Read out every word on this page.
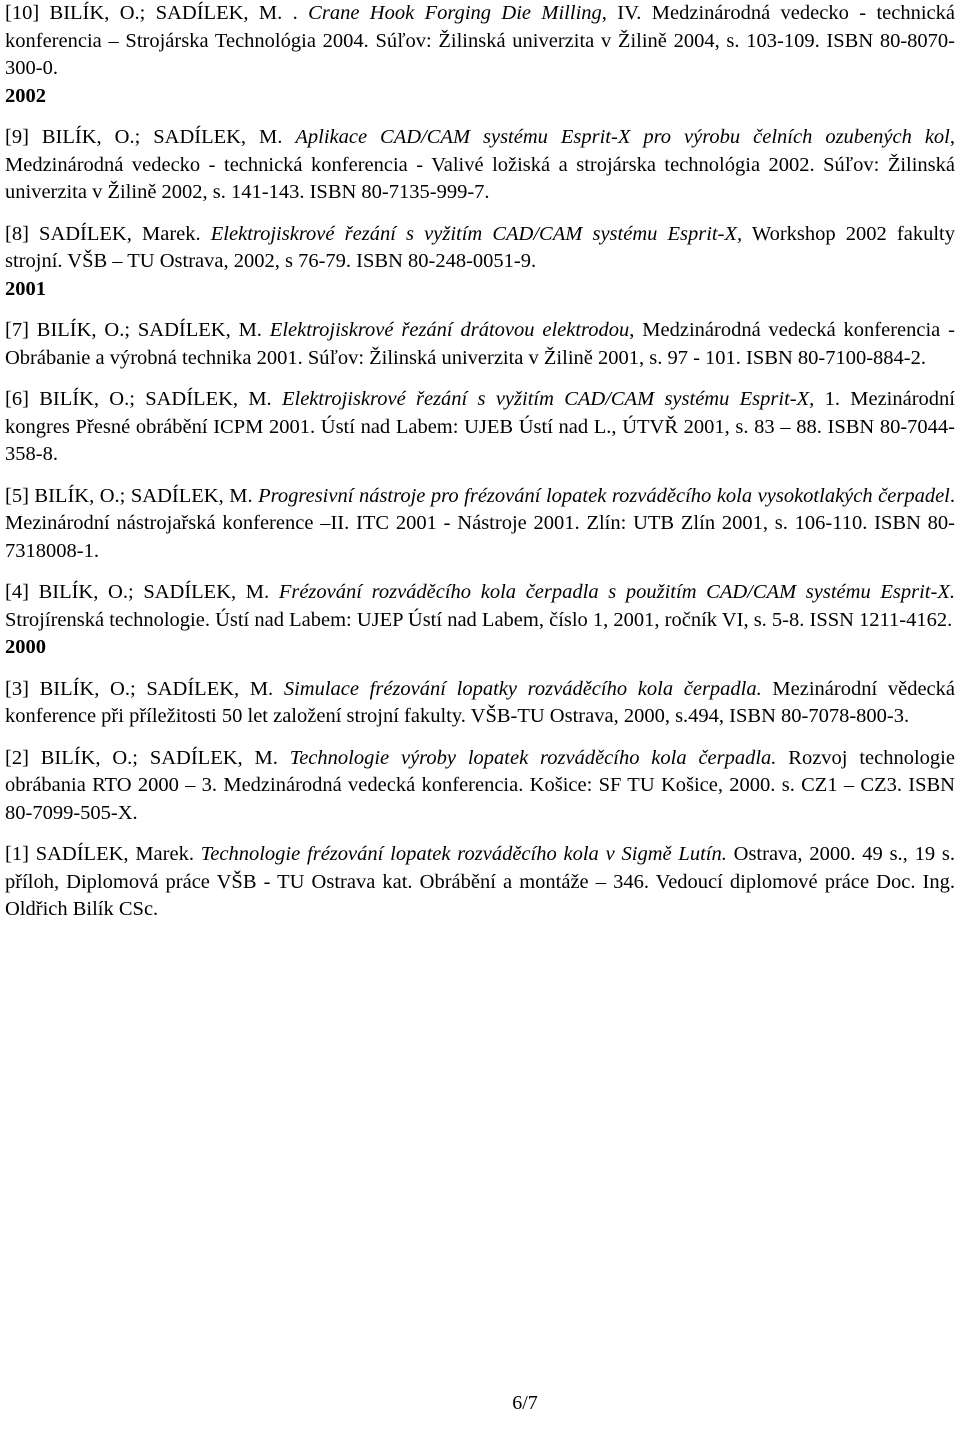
[10] BILÍK, O.; SADÍLEK, M. . Crane Hook Forging Die Milling, IV. Medzinárodná vedecko - technická konferencia – Strojárska Technológia 2004. Súľov: Žilinská univerzita v Žilině 2004, s. 103-109. ISBN 80-8070-300-0.

2002

[9] BILÍK, O.; SADÍLEK, M. Aplikace CAD/CAM systému Esprit-X pro výrobu čelních ozubených kol, Medzinárodná vedecko - technická konferencia - Valivé ložiská a strojárska technológia 2002. Súľov: Žilinská univerzita v Žilině 2002, s. 141-143. ISBN 80-7135-999-7.

[8] SADÍLEK, Marek. Elektrojiskrové řezání s vyžitím CAD/CAM systému Esprit-X, Workshop 2002 fakulty strojní. VŠB – TU Ostrava, 2002, s 76-79. ISBN 80-248-0051-9.

2001

[7] BILÍK, O.; SADÍLEK, M. Elektrojiskrové řezání drátovou elektrodou, Medzinárodná vedecká konferencia - Obrábanie a výrobná technika 2001. Súľov: Žilinská univerzita v Žilině 2001, s. 97 - 101. ISBN 80-7100-884-2.

[6] BILÍK, O.; SADÍLEK, M. Elektrojiskrové řezání s vyžitím CAD/CAM systému Esprit-X, 1. Mezinárodní kongres Přesné obrábění ICPM 2001. Ústí nad Labem: UJEB Ústí nad L., ÚTVŘ 2001, s. 83 – 88. ISBN 80-7044-358-8.

[5] BILÍK, O.; SADÍLEK, M. Progresivní nástroje pro frézování lopatek rozváděcího kola vysokotlakých čerpadel. Mezinárodní nástrojařská konference –II. ITC 2001 - Nástroje 2001. Zlín: UTB Zlín 2001, s. 106-110. ISBN 80-7318008-1.

[4] BILÍK, O.; SADÍLEK, M. Frézování rozváděcího kola čerpadla s použitím CAD/CAM systému Esprit-X. Strojírenská technologie. Ústí nad Labem: UJEP Ústí nad Labem, číslo 1, 2001, ročník VI, s. 5-8. ISSN 1211-4162.

2000

[3] BILÍK, O.; SADÍLEK, M. Simulace frézování lopatky rozváděcího kola čerpadla. Mezinárodní vědecká konference při příležitosti 50 let založení strojní fakulty. VŠB-TU Ostrava, 2000, s.494, ISBN 80-7078-800-3.

[2] BILÍK, O.; SADÍLEK, M. Technologie výroby lopatek rozváděcího kola čerpadla. Rozvoj technologie obrábania RTO 2000 – 3. Medzinárodná vedecká konferencia. Košice: SF TU Košice, 2000. s. CZ1 – CZ3. ISBN 80-7099-505-X.

[1] SADÍLEK, Marek. Technologie frézování lopatek rozváděcího kola v Sigmě Lutín. Ostrava, 2000. 49 s., 19 s. příloh, Diplomová práce VŠB - TU Ostrava kat. Obrábění a montáže – 346. Vedoucí diplomové práce Doc. Ing. Oldřich Bilík CSc.

6/7
